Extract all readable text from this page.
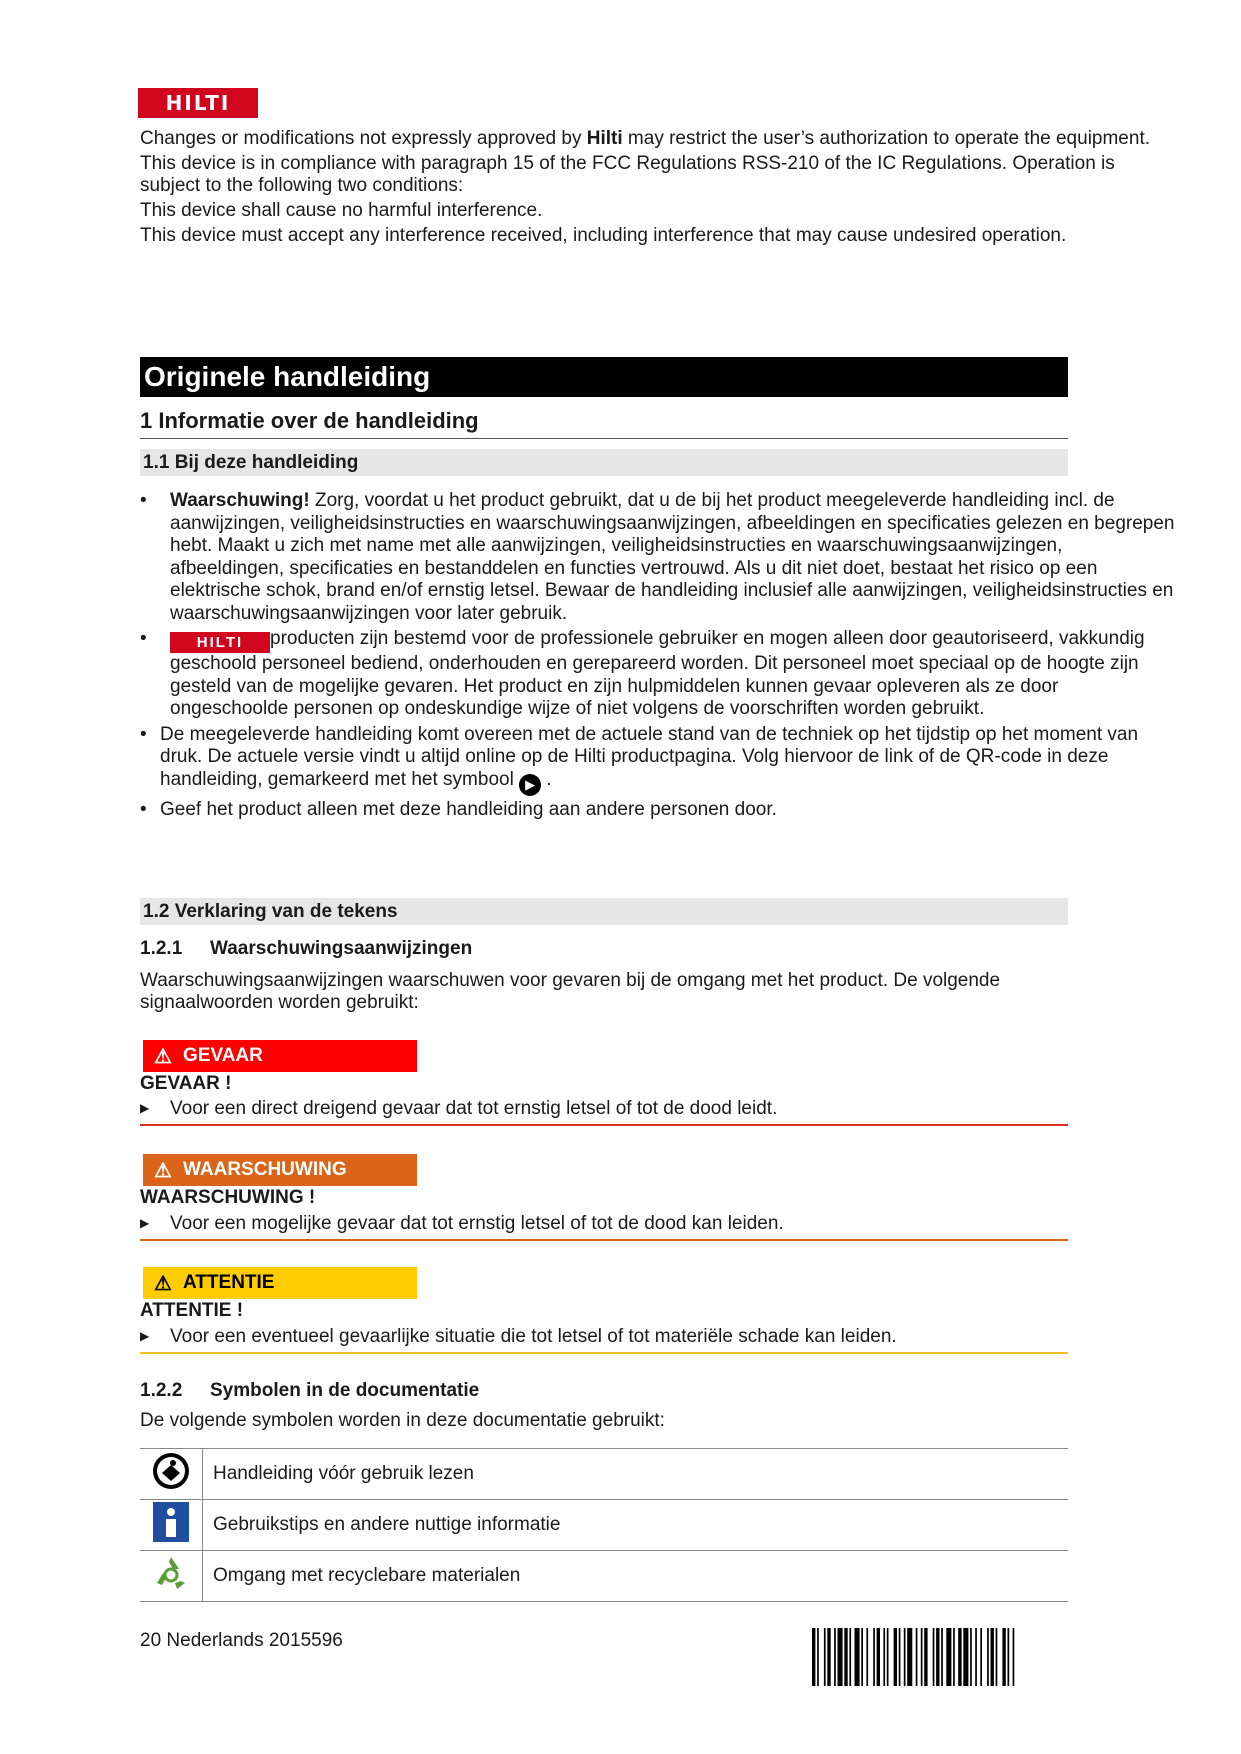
HILTI

Changes or modifications not expressly approved by Hilti may restrict the user’s authorization to operate the equipment.

This device is in compliance with paragraph 15 of the FCC Regulations RSS-210 of the IC Regulations. Operation is subject to the following two conditions:

This device shall cause no harmful interference.

This device must accept any interference received, including interference that may cause undesired operation.

Originele handleiding
1 Informatie over de handleiding
1.1 Bij deze handleiding
• Waarschuwing! Zorg, voordat u het product gebruikt, dat u de bij het product meegeleverde handleiding incl. de aanwijzingen, veiligheidsinstructies en waarschuwingsaanwijzingen, afbeeldingen en specificaties gelezen en begrepen hebt. Maakt u zich met name met alle aanwijzingen, veiligheidsinstructies en waarschuwingsaanwijzingen, afbeeldingen, specificaties en bestanddelen en functies vertrouwd. Als u dit niet doet, bestaat het risico op een elektrische schok, brand en/of ernstig letsel. Bewaar de handleiding inclusief alle aanwijzingen, veiligheidsinstructies en waarschuwingsaanwijzingen voor later gebruik.
•	HILTI producten zijn bestemd voor de professionele gebruiker en mogen alleen door geautoriseerd, vakkundig geschoold personeel bediend, onderhouden en gerepareerd worden. Dit personeel moet speciaal op de hoogte zijn gesteld van de mogelijke gevaren. Het product en zijn hulpmiddelen kunnen gevaar opleveren als ze door ongeschoolde personen op ondeskundige wijze of niet volgens de voorschriften worden gebruikt.
• De meegeleverde handleiding komt overeen met de actuele stand van de techniek op het tijdstip op het moment van druk. De actuele versie vindt u altijd online op de Hilti productpagina. Volg hiervoor de link of de QR-code in deze handleiding, gemarkeerd met het symbool ▶ .
• Geef het product alleen met deze handleiding aan andere personen door.
1.2 Verklaring van de tekens
1.2.1 Waarschuwingsaanwijzingen
Waarschuwingsaanwijzingen waarschuwen voor gevaren bij de omgang met het product. De volgende signaalwoorden worden gebruikt:
⚠ GEVAAR
GEVAAR !
▶ Voor een direct dreigend gevaar dat tot ernstig letsel of tot de dood leidt.
⚠ WAARSCHUWING
WAARSCHUWING !
▶ Voor een mogelijke gevaar dat tot ernstig letsel of tot de dood kan leiden.
⚠ ATTENTIE
ATTENTIE !
▶ Voor een eventueel gevaarlijke situatie die tot letsel of tot materiële schade kan leiden.
1.2.2 Symbolen in de documentatie
De volgende symbolen worden in deze documentatie gebruikt:
	Handleiding vóór gebruik lezen
	Gebruikstips en andere nuttige informatie
	Omgang met recyclebare materialen
20 Nederlands 2015596
